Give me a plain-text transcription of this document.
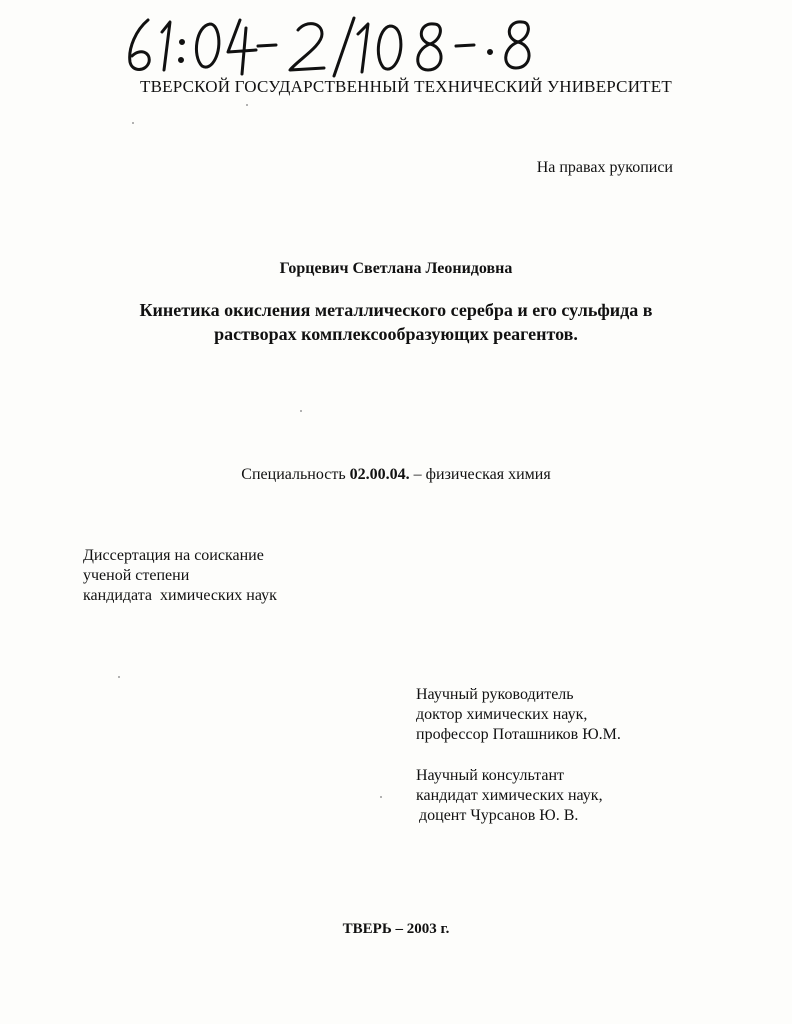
ТВЕРСКОЙ ГОСУДАРСТВЕННЫЙ ТЕХНИЧЕСКИЙ УНИВЕРСИТЕТ
На правах рукописи
Горцевич Светлана Леонидовна
Кинетика окисления металлического серебра и его сульфида в
растворах комплексообразующих реагентов.
Специальность 02.00.04. – физическая химия
Диссертация на соискание
ученой степени
кандидата  химических наук
Научный руководитель
доктор химических наук,
профессор Поташников Ю.М.
Научный консультант
кандидат химических наук,
доцент Чурсанов Ю. В.
ТВЕРЬ – 2003 г.
